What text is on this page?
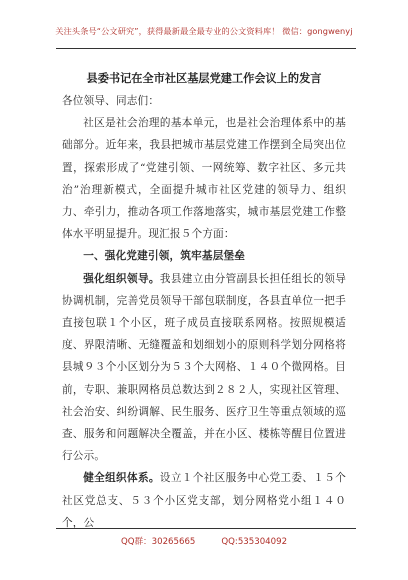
关注头条号“公文研究”，获得最新最全最专业的公文资料库！ 微信：gongwenyj
县委书记在全市社区基层党建工作会议上的发言

各位领导、同志们：

社区是社会治理的基本单元，也是社会治理体系中的基础部分。近年来，我县把城市基层党建工作摆到全局突出位置，探索形成了“党建引领、一网统筹、数字社区、多元共治”治理新模式，全面提升城市社区党建的领导力、组织力、牵引力，推动各项工作落地落实，城市基层党建工作整体水平明显提升。现汇报５个方面：

一、强化党建引领，筑牢基层堡垒

强化组织领导。我县建立由分管副县长担任组长的领导协调机制，完善党员领导干部包联制度，各县直单位一把手直接包联１个小区，班子成员直接联系网格。按照规模适度、界限清晰、无缝覆盖和划细划小的原则科学划分网格将县城９３个小区划分为５３个大网格、１４０个微网格。目前，专职、兼职网格员总数达到２８２人，实现社区管理、社会治安、纠纷调解、民生服务、医疗卫生等重点领域的巡查、服务和问题解决全覆盖，并在小区、楼栋等醒目位置进行公示。

健全组织体系。设立１个社区服务中心党工委、１５个社区党总支、５３个小区党支部，划分网格党小组１４０个，公

QQ群：30265665	QQ:535304092
